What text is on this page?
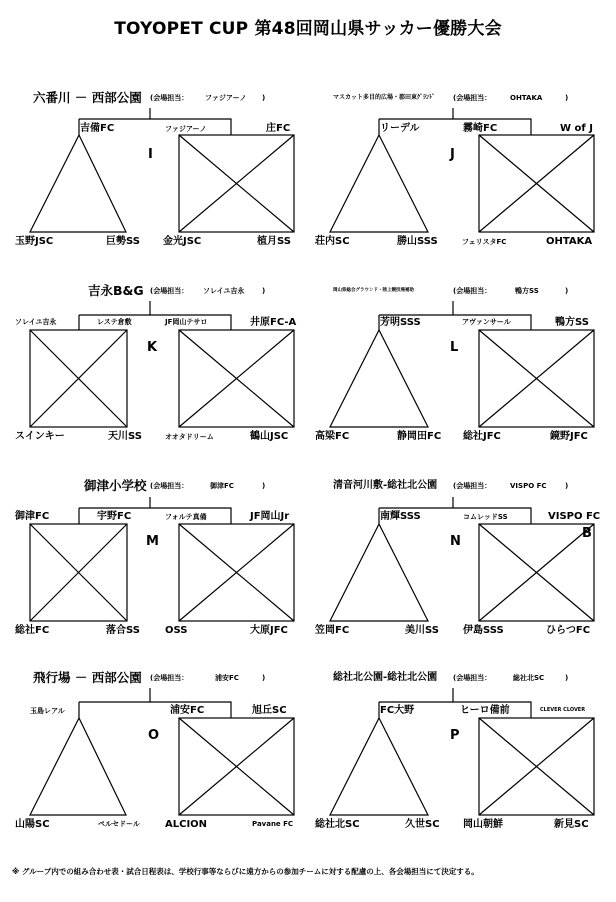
TOYOPET CUP 第48回岡山県サッカー優勝大会
六番川 － 西部公園 (会場担当： ファジアーノ )
吉備FC	ファジアーノ	庄FC
I
玉野JSC	巨勢SS 金光JSC	植月SS
マスカット多目的広場・郡田東ｸﾞﾗﾝﾄﾞ	(会場担当：	OHTAKA	)
リーデル	霧崎FC	W of J
J
荘内SC	勝山SSS	フェリスタFC	OHTAKA
吉永B&G (会場担当： ソレイユ吉永	)
ソレイユ吉永	レステ倉敷	JF岡山テサロ	井原FC-A
K
スインキー	天川SS	オオタドリーム	鶴山JSC
岡山県総合グラウンド・陸上競技場補助	(会場担当：	鴨方SS	)
芳明SSS	アヴァンサール	鴨方SS
L
高梁FC	静岡田FC 総社JFC	鏡野JFC
御津小学校 (会場担当：	御津FC	)
御津FC	宇野FC	フォルテ真備	JF岡山Jr
M
総社FC	落合SS	OSS	大原JFC
清音河川敷-総社北公園 (会場担当：	VISPO FC	)
南輝SSS	コムレッドSS	VISPO FC
B
N
笠岡FC	美川SS 伊島SSS	ひらつFC
飛行場 － 西部公園 (会場担当：	浦安FC	)
玉島レアル	浦安FC	旭丘SC
O
山陽SC	ペルセドール	ALCION	Pavane FC
総社北公園-総社北公園 (会場担当：	総社北SC	)
FC大野	ヒーロ備前	CLEVER CLOVER
P
総社北SC	久世SC 岡山朝鮮	新見SC
※ グループ内での組み合わせ表・試合日程表は、学校行事等ならびに遠方からの参加チームに対する配慮の上、各会場担当にて決定する。
